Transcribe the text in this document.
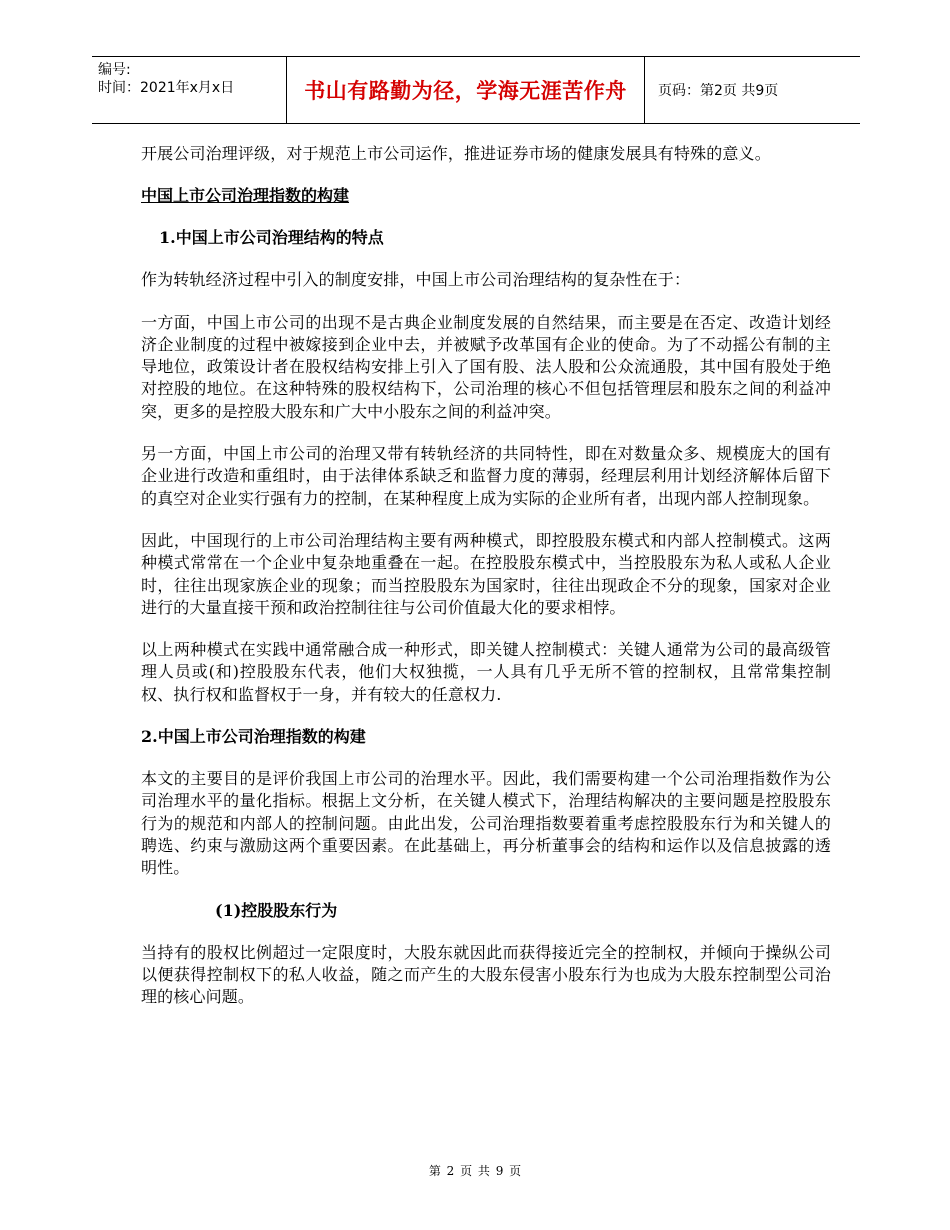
编号:
时间：2021年x月x日	书山有路勤为径，学海无涯苦作舟 页码：第2页 共9页

开展公司治理评级，对于规范上市公司运作，推进证券市场的健康发展具有特殊的意义。

中国上市公司治理指数的构建
1.中国上市公司治理结构的特点

作为转轨经济过程中引入的制度安排，中国上市公司治理结构的复杂性在于：

一方面，中国上市公司的出现不是古典企业制度发展的自然结果，而主要是在否定、改造计划经济企业制度的过程中被嫁接到企业中去，并被赋予改革国有企业的使命。为了不动摇公有制的主导地位，政策设计者在股权结构安排上引入了国有股、法人股和公众流通股，其中国有股处于绝对控股的地位。在这种特殊的股权结构下，公司治理的核心不但包括管理层和股东之间的利益冲突，更多的是控股大股东和广大中小股东之间的利益冲突。

另一方面，中国上市公司的治理又带有转轨经济的共同特性，即在对数量众多、规模庞大的国有企业进行改造和重组时，由于法律体系缺乏和监督力度的薄弱，经理层利用计划经济解体后留下的真空对企业实行强有力的控制，在某种程度上成为实际的企业所有者，出现内部人控制现象。

因此，中国现行的上市公司治理结构主要有两种模式，即控股股东模式和内部人控制模式。这两种模式常常在一个企业中复杂地重叠在一起。在控股股东模式中，当控股股东为私人或私人企业时，往往出现家族企业的现象；而当控股股东为国家时，往往出现政企不分的现象，国家对企业进行的大量直接干预和政治控制往往与公司价值最大化的要求相悖。

以上两种模式在实践中通常融合成一种形式，即关键人控制模式：关键人通常为公司的最高级管理人员或(和)控股股东代表，他们大权独揽，一人具有几乎无所不管的控制权，且常常集控制权、执行权和监督权于一身，并有较大的任意权力.

2.中国上市公司治理指数的构建

本文的主要目的是评价我国上市公司的治理水平。因此，我们需要构建一个公司治理指数作为公司治理水平的量化指标。根据上文分析，在关键人模式下，治理结构解决的主要问题是控股股东行为的规范和内部人的控制问题。由此出发，公司治理指数要着重考虑控股股东行为和关键人的聘选、约束与激励这两个重要因素。在此基础上，再分析董事会的结构和运作以及信息披露的透明性。

(1)控股股东行为

当持有的股权比例超过一定限度时，大股东就因此而获得接近完全的控制权，并倾向于操纵公司以便获得控制权下的私人收益，随之而产生的大股东侵害小股东行为也成为大股东控制型公司治理的核心问题。

第 2 页 共 9 页
